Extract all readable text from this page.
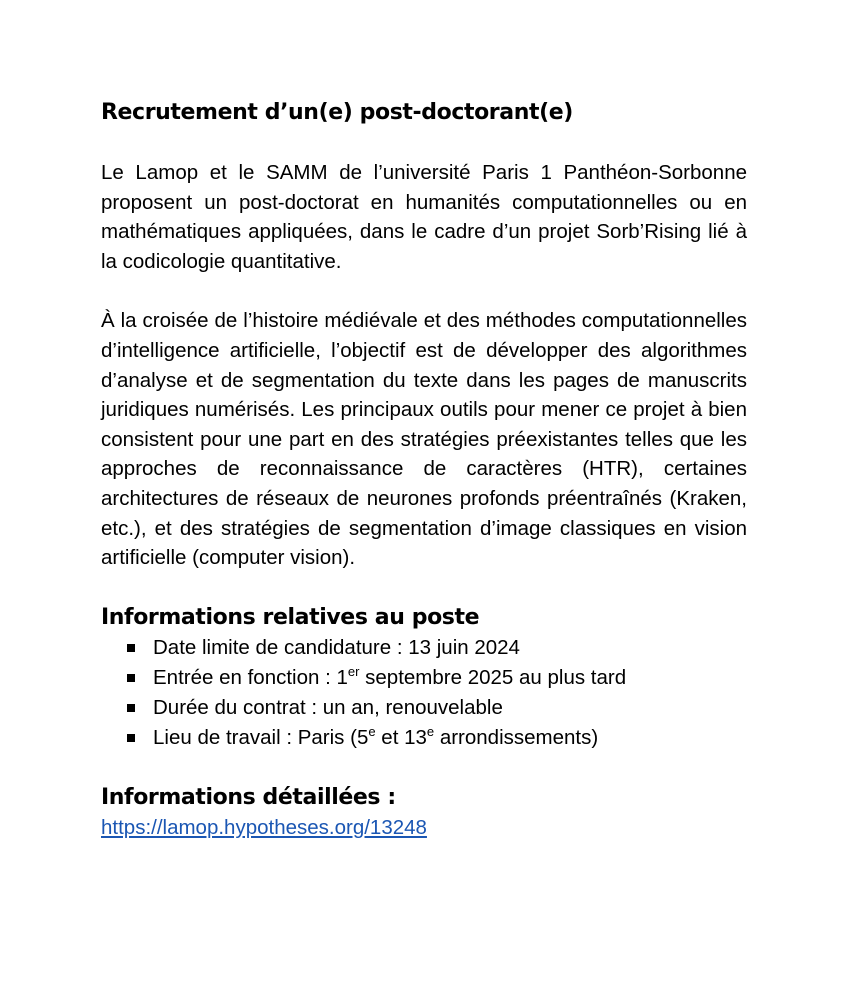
Recrutement d’un(e) post-doctorant(e)

Le Lamop et le SAMM de l’université Paris 1 Panthéon-Sorbonne proposent un post-doctorat en humanités computationnelles ou en mathématiques appliquées, dans le cadre d’un projet Sorb’Rising lié à la codicologie quantitative.

À la croisée de l’histoire médiévale et des méthodes computationnelles d’intelligence artificielle, l’objectif est de développer des algorithmes d’analyse et de segmentation du texte dans les pages de manuscrits juridiques numérisés. Les principaux outils pour mener ce projet à bien consistent pour une part en des stratégies préexistantes telles que les approches de reconnaissance de caractères (HTR), certaines architectures de réseaux de neurones profonds préentraînés (Kraken, etc.), et des stratégies de segmentation d’image classiques en vision artificielle (computer vision).

Informations relatives au poste
Date limite de candidature : 13 juin 2024
Entrée en fonction : 1er septembre 2025 au plus tard
Durée du contrat : un an, renouvelable
Lieu de travail : Paris (5e et 13e arrondissements)
Informations détaillées :
https://lamop.hypotheses.org/13248
